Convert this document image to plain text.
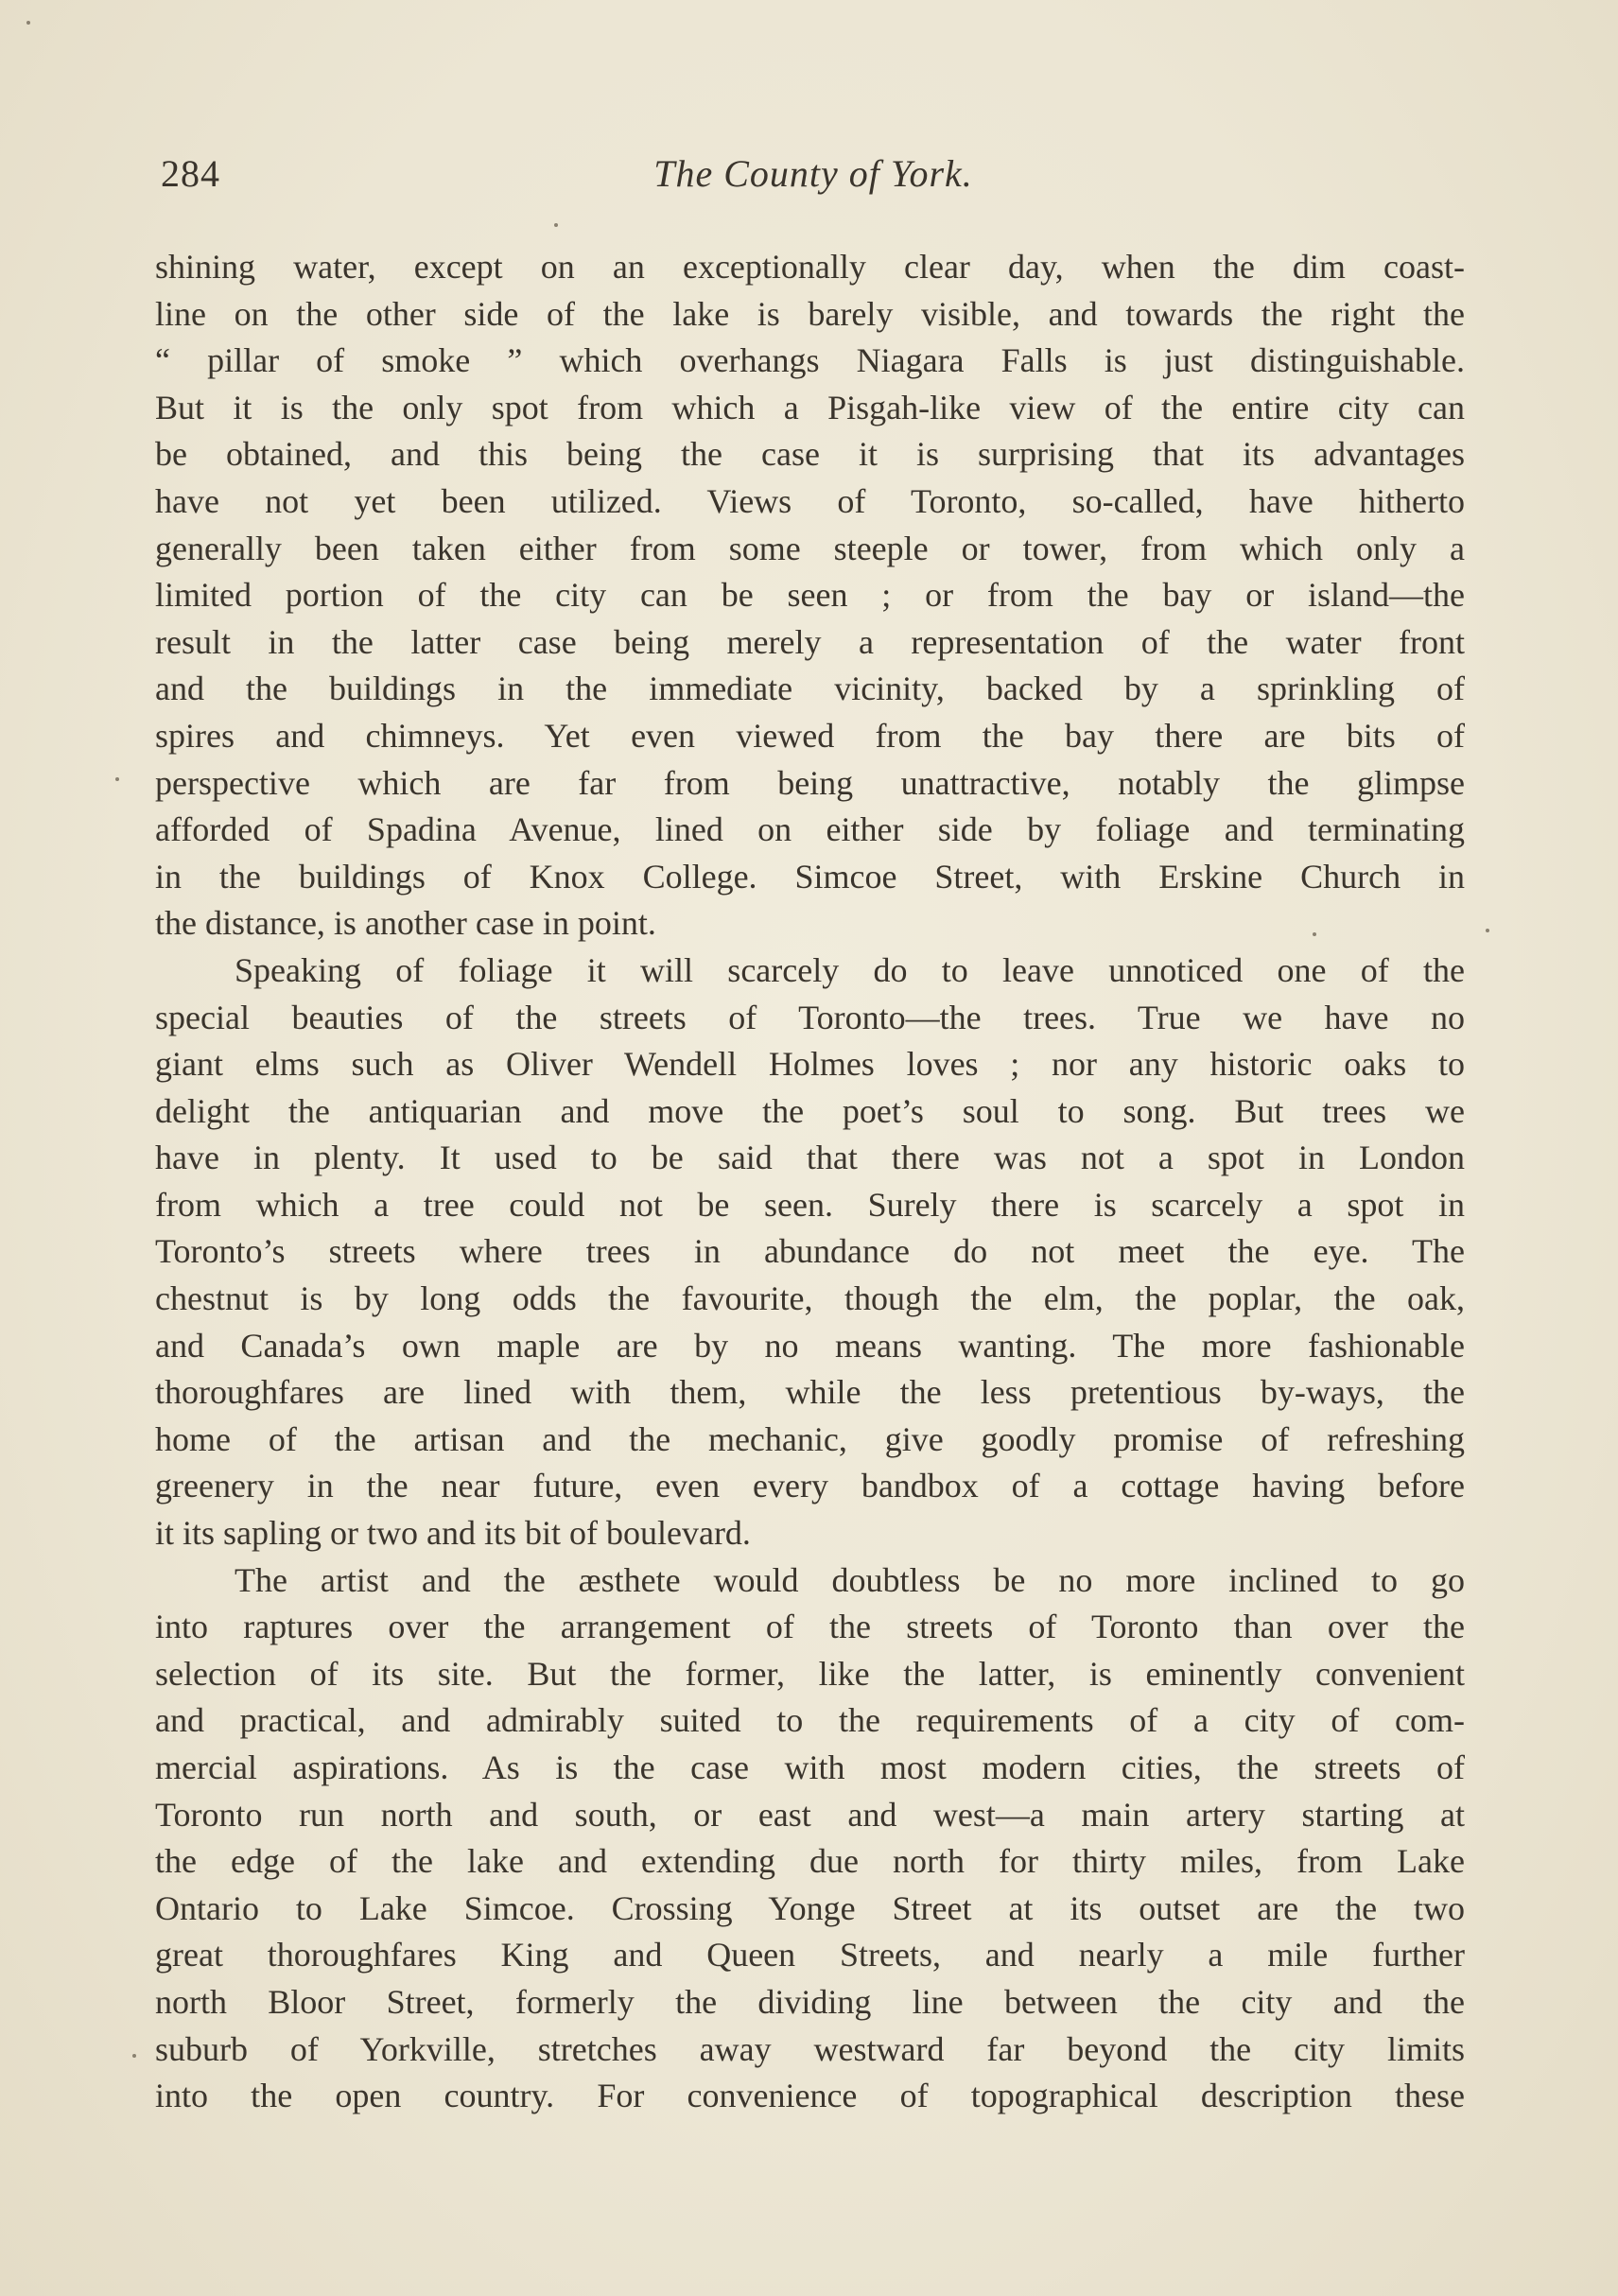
284	The County of York.
shining water, except on an exceptionally clear day, when the dim coast-
line on the other side of the lake is barely visible, and towards the right the
“ pillar of smoke ” which overhangs Niagara Falls is just distinguishable.
But it is the only spot from which a Pisgah-like view of the entire city can
be obtained, and this being the case it is surprising that its advantages
have not yet been utilized. Views of Toronto, so-called, have hitherto
generally been taken either from some steeple or tower, from which only a
limited portion of the city can be seen ; or from the bay or island—the
result in the latter case being merely a representation of the water front
and the buildings in the immediate vicinity, backed by a sprinkling of
spires and chimneys. Yet even viewed from the bay there are bits of
perspective which are far from being unattractive, notably the glimpse
afforded of Spadina Avenue, lined on either side by foliage and terminating
in the buildings of Knox College. Simcoe Street, with Erskine Church in
the distance, is another case in point.
Speaking of foliage it will scarcely do to leave unnoticed one of the
special beauties of the streets of Toronto—the trees. True we have no
giant elms such as Oliver Wendell Holmes loves ; nor any historic oaks to
delight the antiquarian and move the poet’s soul to song. But trees we
have in plenty. It used to be said that there was not a spot in London
from which a tree could not be seen. Surely there is scarcely a spot in
Toronto’s streets where trees in abundance do not meet the eye. The
chestnut is by long odds the favourite, though the elm, the poplar, the oak,
and Canada’s own maple are by no means wanting. The more fashionable
thoroughfares are lined with them, while the less pretentious by-ways, the
home of the artisan and the mechanic, give goodly promise of refreshing
greenery in the near future, even every bandbox of a cottage having before
it its sapling or two and its bit of boulevard.
The artist and the æsthete would doubtless be no more inclined to go
into raptures over the arrangement of the streets of Toronto than over the
selection of its site. But the former, like the latter, is eminently convenient
and practical, and admirably suited to the requirements of a city of com-
mercial aspirations. As is the case with most modern cities, the streets of
Toronto run north and south, or east and west—a main artery starting at
the edge of the lake and extending due north for thirty miles, from Lake
Ontario to Lake Simcoe. Crossing Yonge Street at its outset are the two
great thoroughfares King and Queen Streets, and nearly a mile further
north Bloor Street, formerly the dividing line between the city and the
suburb of Yorkville, stretches away westward far beyond the city limits
into the open country. For convenience of topographical description these
